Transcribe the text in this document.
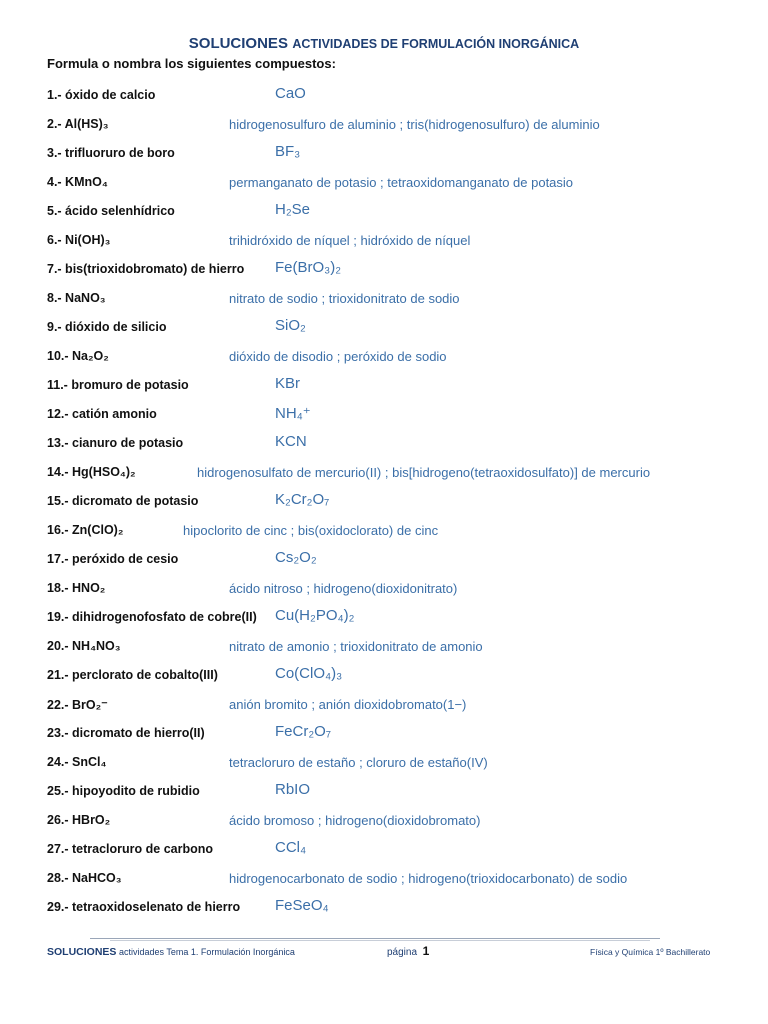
SOLUCIONES ACTIVIDADES DE FORMULACIÓN INORGÁNICA
Formula o nombra los siguientes compuestos:
1.- óxido de calcio	CaO
2.- Al(HS)₃	hidrogenosulfuro de aluminio ; tris(hidrogenosulfuro) de aluminio
3.- trifluoruro de boro	BF₃
4.- KMnO₄	permanganato de potasio ; tetraoxidomanganato de potasio
5.- ácido selenhídrico	H₂Se
6.- Ni(OH)₃	trihidróxido de níquel ; hidróxido de níquel
7.- bis(trioxidobromato) de hierro Fe(BrO₃)₂
8.- NaNO₃	nitrato de sodio ; trioxidonitrato de sodio
9.- dióxido de silicio	SiO₂
10.- Na₂O₂	dióxido de disodio ; peróxido de sodio
11.- bromuro de potasio	KBr
12.- catión amonio	NH₄⁺
13.- cianuro de potasio	KCN
14.- Hg(HSO₄)₂	hidrogenosulfato de mercurio(II) ; bis[hidrogeno(tetraoxidosulfato)] de mercurio
15.- dicromato de potasio	K₂Cr₂O₇
16.- Zn(ClO)₂	hipoclorito de cinc ; bis(oxidoclorato) de cinc
17.- peróxido de cesio	Cs₂O₂
18.- HNO₂	ácido nitroso ; hidrogeno(dioxidonitrato)
19.- dihidrogenofosfato de cobre(II) Cu(H₂PO₄)₂
20.- NH₄NO₃	nitrato de amonio ; trioxidonitrato de amonio
21.- perclorato de cobalto(III)	Co(ClO₄)₃
22.- BrO₂⁻	anión bromito ; anión dioxidobromato(1−)
23.- dicromato de hierro(II)	FeCr₂O₇
24.- SnCl₄	tetracloruro de estaño ; cloruro de estaño(IV)
25.- hipoyodito de rubidio	RbIO
26.- HBrO₂	ácido bromoso ; hidrogeno(dioxidobromato)
27.- tetracloruro de carbono	CCl₄
28.- NaHCO₃	hidrogenocarbonato de sodio ; hidrogeno(trioxidocarbonato) de sodio
29.- tetraoxidoselenato de hierro FeSeO₄
SOLUCIONES actividades Tema 1. Formulación Inorgánica	página 1	Física y Química 1º Bachillerato
